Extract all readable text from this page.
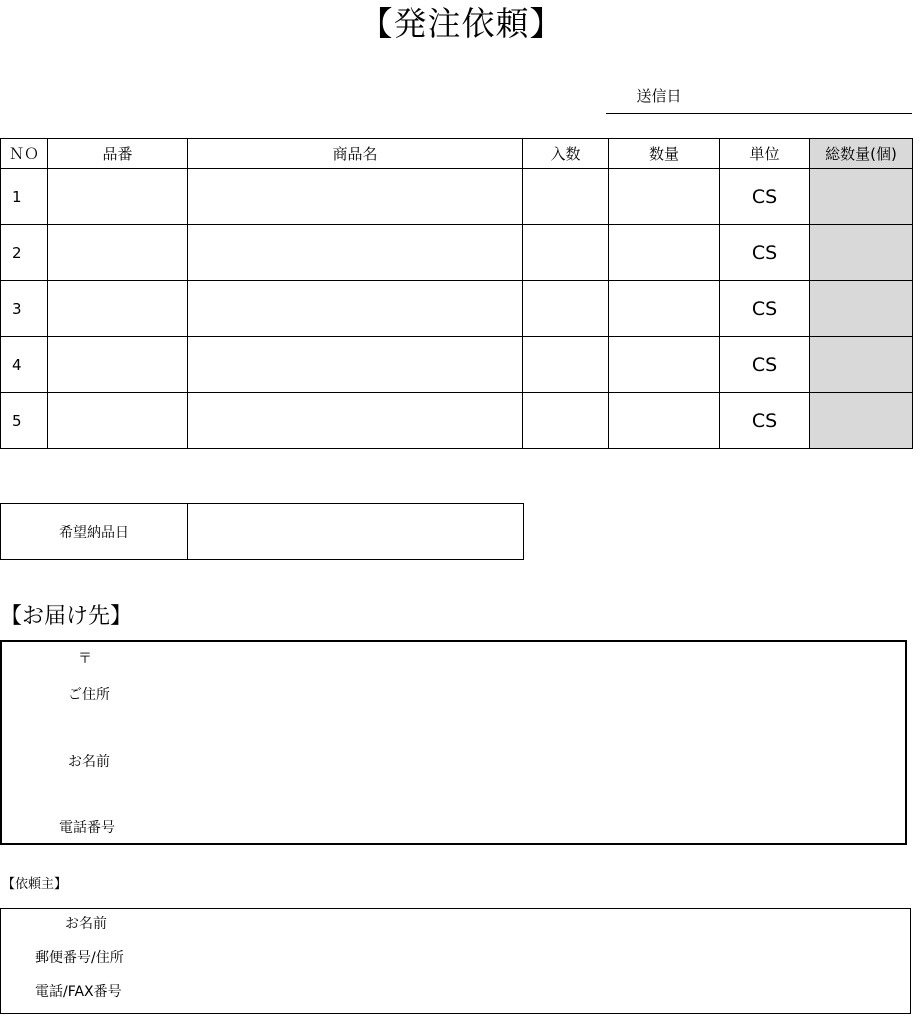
【発注依頼】
送信日
ＮＯ	品番	商品名	入数	数量	単位	総数量(個)
1					CS	
2					CS	
3					CS	
4					CS	
5					CS	
希望納品日	
【お届け先】
〒
ご住所
お名前
電話番号
【依頼主】
お名前
郵便番号/住所
電話/FAX番号
